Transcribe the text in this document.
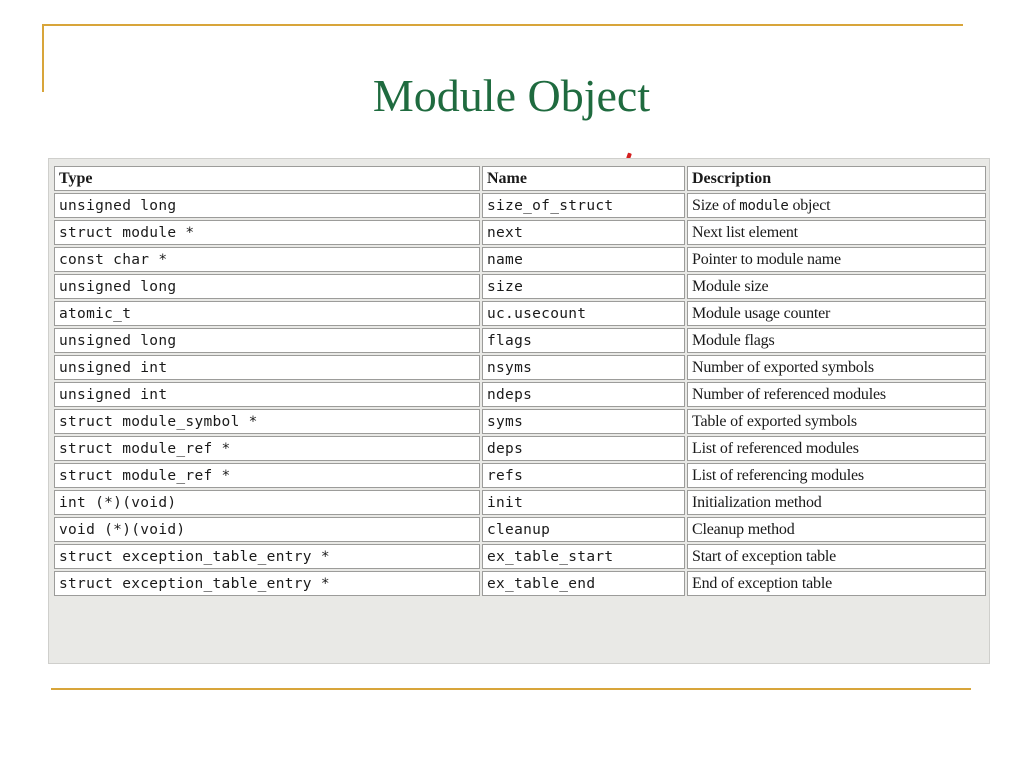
Module Object
Type	Name	Description
unsigned long	size_of_struct	Size of module object
struct module *	next	Next list element
const char *	name	Pointer to module name
unsigned long	size	Module size
atomic_t	uc.usecount	Module usage counter
unsigned long	flags	Module flags
unsigned int	nsyms	Number of exported symbols
unsigned int	ndeps	Number of referenced modules
struct module_symbol *	syms	Table of exported symbols
struct module_ref *	deps	List of referenced modules
struct module_ref *	refs	List of referencing modules
int (*)(void)	init	Initialization method
void (*)(void)	cleanup	Cleanup method
struct exception_table_entry *	ex_table_start	Start of exception table
struct exception_table_entry *	ex_table_end	End of exception table
